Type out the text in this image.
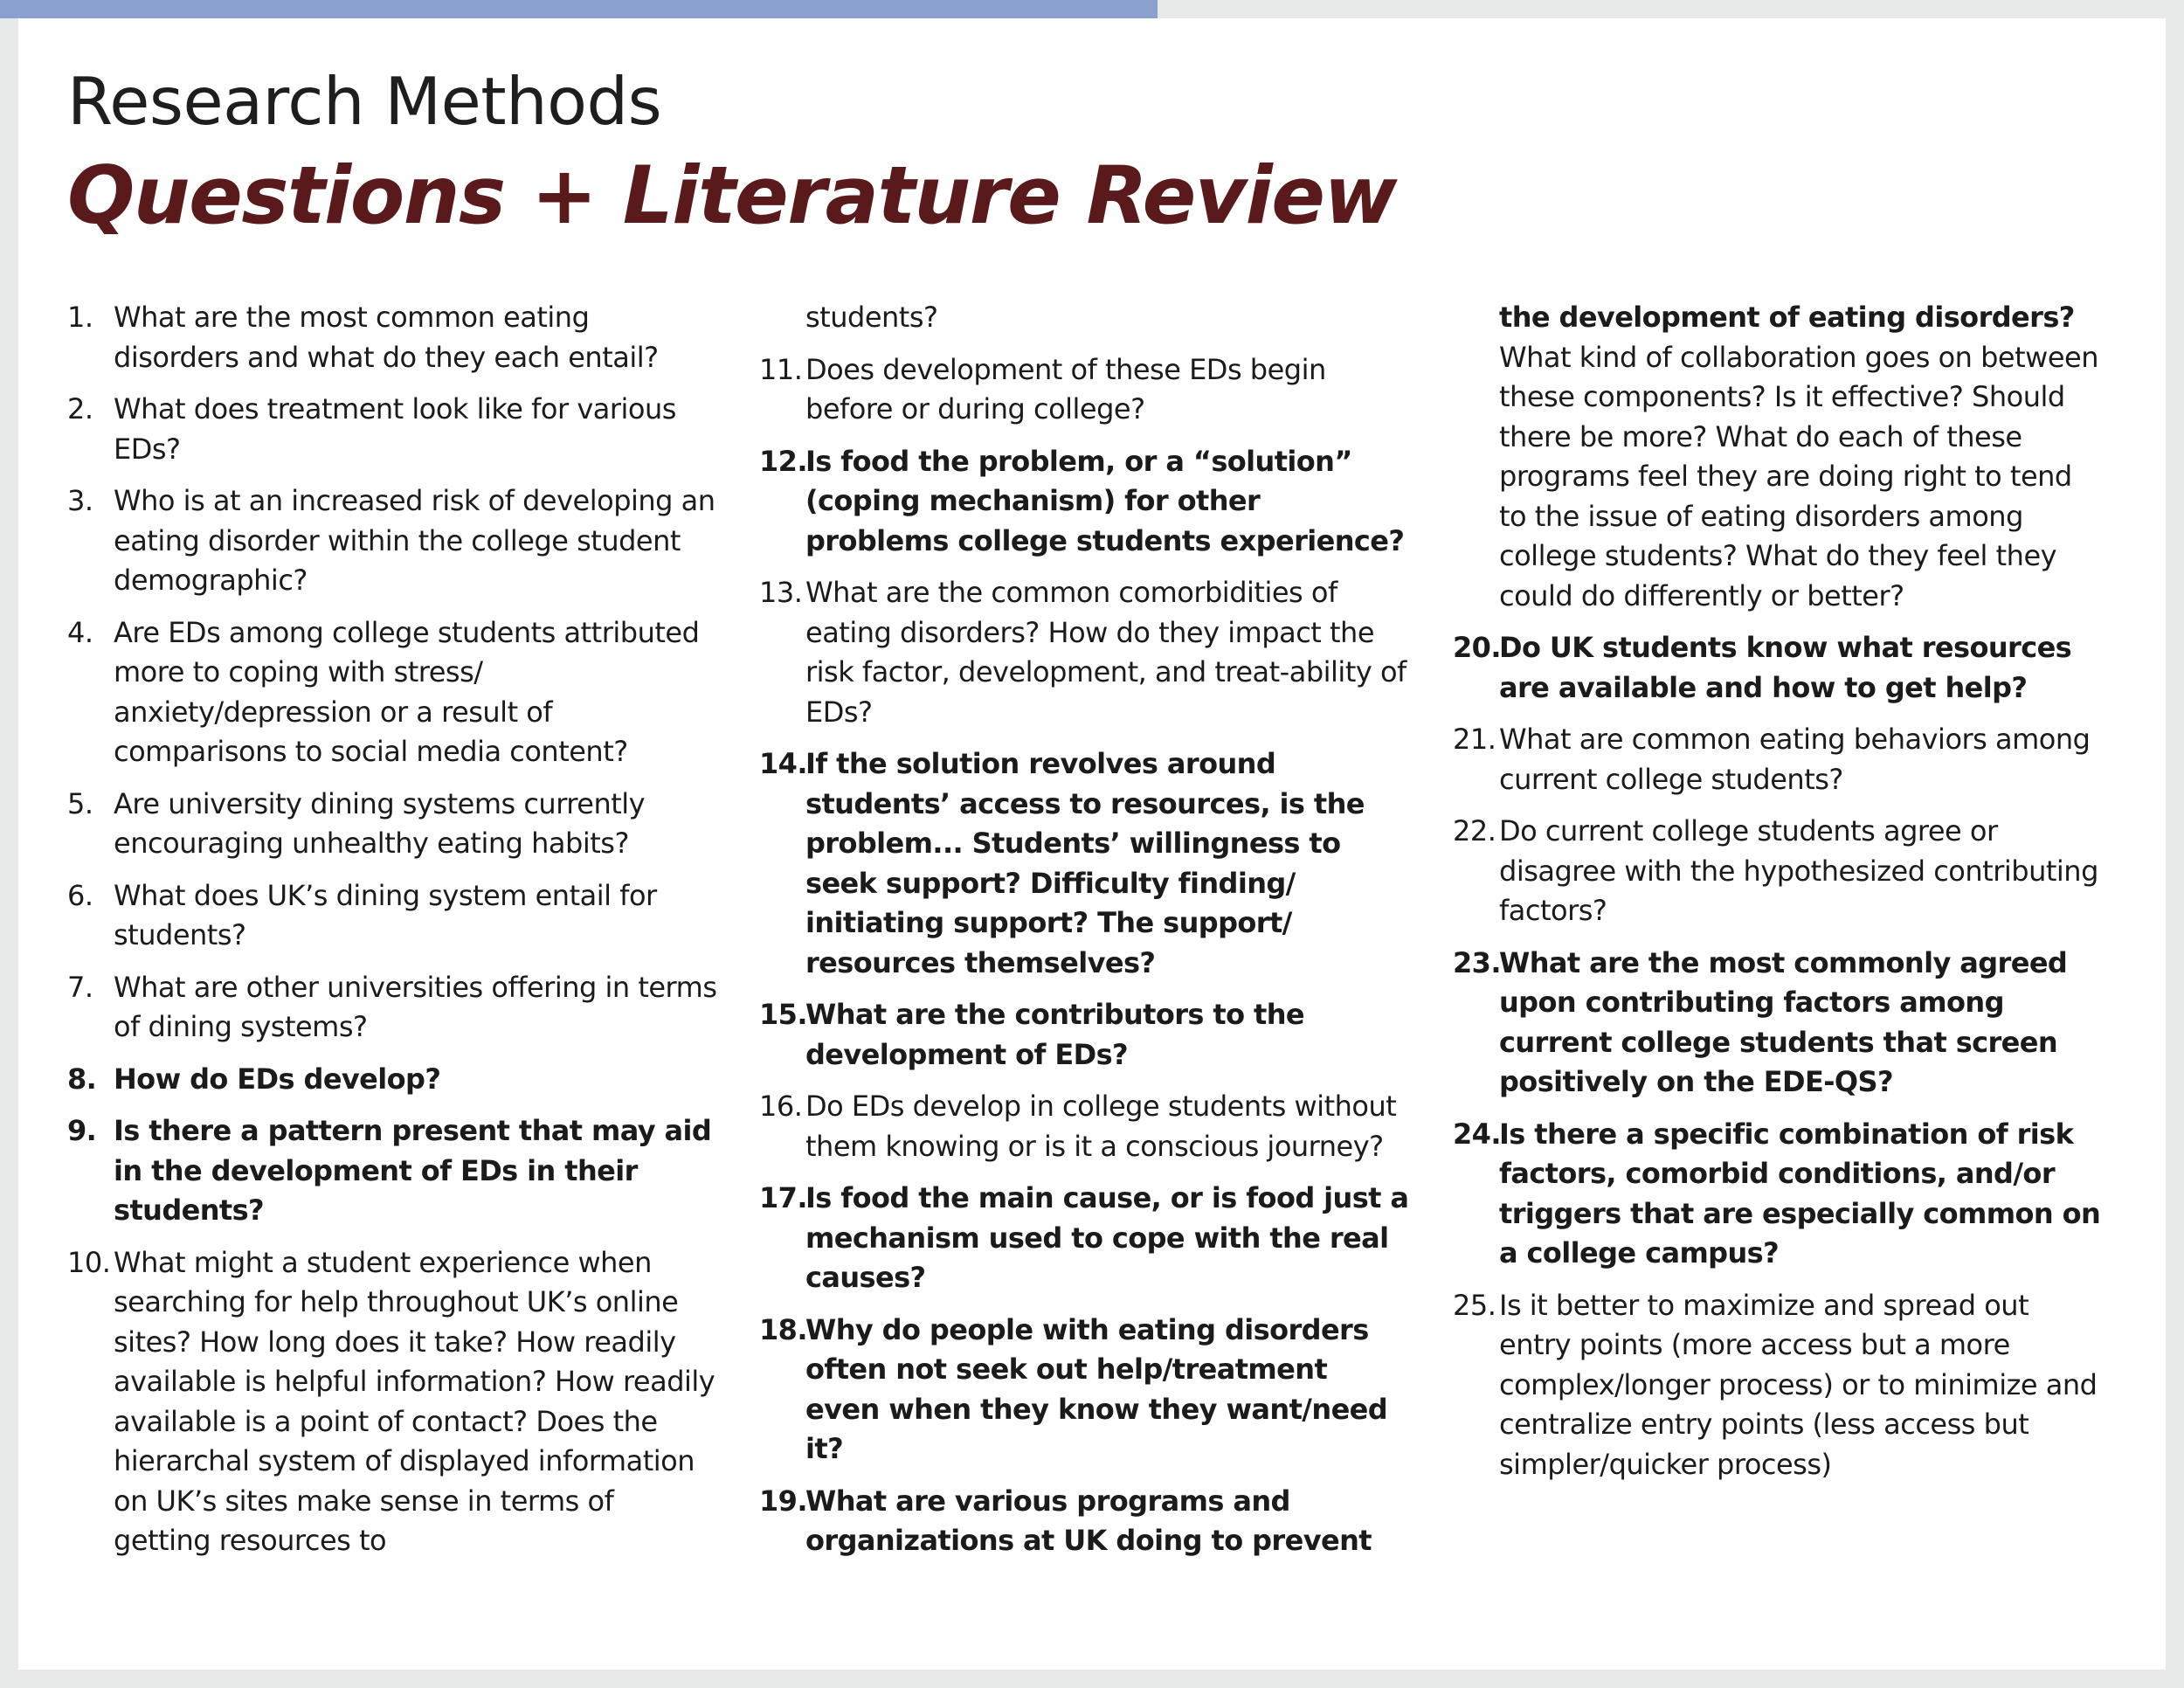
Research Methods
Questions + Literature Review
1. What are the most common eating disorders and what do they each entail?
2. What does treatment look like for various EDs?
3. Who is at an increased risk of developing an eating disorder within the college student demographic?
4. Are EDs among college students attributed more to coping with stress/ anxiety/depression or a result of comparisons to social media content?
5. Are university dining systems currently encouraging unhealthy eating habits?
6. What does UK’s dining system entail for students?
7. What are other universities offering in terms of dining systems?
8. How do EDs develop?
9. Is there a pattern present that may aid in the development of EDs in their students?
10. What might a student experience when searching for help throughout UK’s online sites? How long does it take? How readily available is helpful information? How readily available is a point of contact? Does the hierarchal system of displayed information on UK’s sites make sense in terms of getting resources to
students?
11. Does development of these EDs begin before or during college?
12.
Is food the problem, or a “solution” (coping mechanism) for other problems college students experience?
13. What are the common comorbidities of eating disorders? How do they impact the risk factor, development, and treat-ability of EDs?
14.
If the solution revolves around students’ access to resources, is the problem... Students’ willingness to seek support? Difficulty finding/ initiating support? The support/ resources themselves?
15.
What are the contributors to the development of EDs?
16. Do EDs develop in college students without them knowing or is it a conscious journey?
17.
Is food the main cause, or is food just a mechanism used to cope with the real causes?
18.
Why do people with eating disorders often not seek out help/treatment even when they know they want/need it?
19.
What are various programs and organizations at UK doing to prevent
the development of eating disorders? What kind of collaboration goes on between these components? Is it effective? Should there be more? What do each of these programs feel they are doing right to tend to the issue of eating disorders among college students? What do they feel they could do differently or better?
20.
Do UK students know what resources are available and how to get help?
21. What are common eating behaviors among current college students?
22. Do current college students agree or disagree with the hypothesized contributing factors?
23.
What are the most commonly agreed upon contributing factors among current college students that screen positively on the EDE-QS?
24.
Is there a specific combination of risk factors, comorbid conditions, and/or triggers that are especially common on a college campus?
25. Is it better to maximize and spread out entry points (more access but a more complex/longer process) or to minimize and centralize entry points (less access but simpler/quicker process)
